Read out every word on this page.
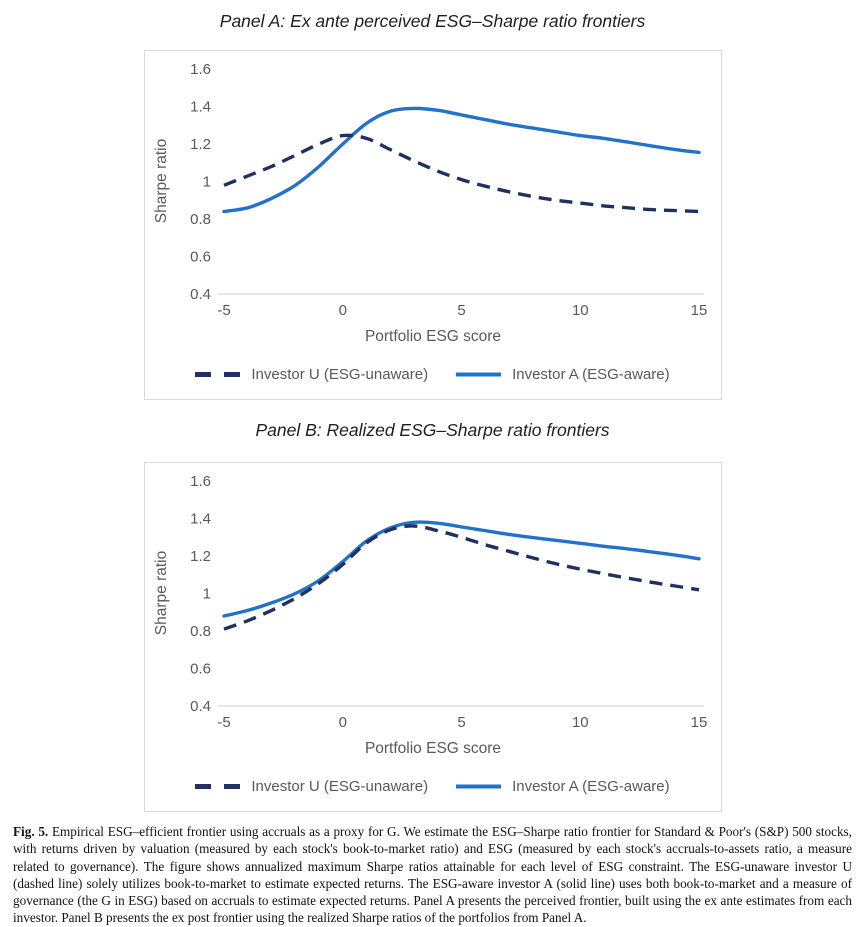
Panel A: Ex ante perceived ESG–Sharpe ratio frontiers
0.4
0.6
0.8
1
1.2
1.4
1.6
-5	0	5	10	15
Portfolio ESG score
Sharpe ratio
Investor U (ESG-unaware)	Investor A (ESG-aware)
Panel B: Realized ESG–Sharpe ratio frontiers
0.4
0.6
0.8
1
1.2
1.4
1.6
-5	0	5	10	15
Portfolio ESG score
Sharpe ratio
Investor U (ESG-unaware)	Investor A (ESG-aware)

Fig. 5. Empirical ESG–efficient frontier using accruals as a proxy for G. We estimate the ESG–Sharpe ratio frontier for Standard & Poor's (S&P) 500 stocks, with returns driven by valuation (measured by each stock's book-to-market ratio) and ESG (measured by each stock's accruals-to-assets ratio, a measure related to governance). The figure shows annualized maximum Sharpe ratios attainable for each level of ESG constraint. The ESG-unaware investor U (dashed line) solely utilizes book-to-market to estimate expected returns. The ESG-aware investor A (solid line) uses both book-to-market and a measure of governance (the G in ESG) based on accruals to estimate expected returns. Panel A presents the perceived frontier, built using the ex ante estimates from each investor. Panel B presents the ex post frontier using the realized Sharpe ratios of the portfolios from Panel A.
